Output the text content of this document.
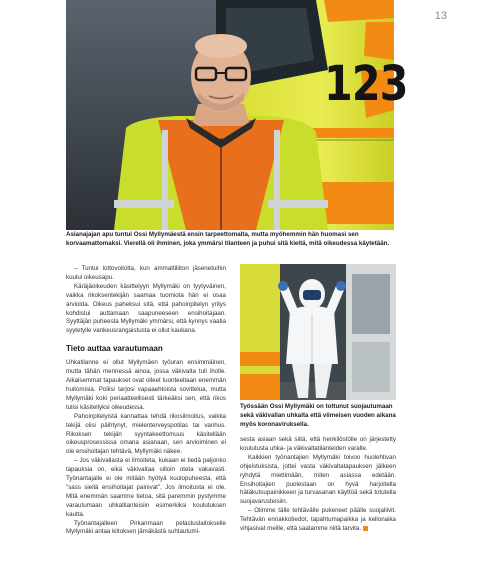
13
123
C112
Asianajajan apu tuntui Ossi Myllymäestä ensin tarpeettomalta, mutta myöhemmin hän huomasi sen korvaamattomaksi. Vierellä oli ihminen, joka ymmärsi tilanteen ja puhui sitä kieltä, mitä oikeudessa käytetään.

– Tuntui lottovoitolta, kun ammattiliiton jäsenetuihin kuului oikeusapu.

Käräjäoikeuden käsittelyyn Myllymäki on tyytyväinen, vaikka rikoksentekijän saamaa tuomiota hän ei osaa arvioida. Oikeus paheksui sitä, että pahoinpitelyn yritys kohdistui auttamaan saapuneeseen ensihoitajaan. Syyttäjän puheesta Myllymäki ymmärsi, että kynnys vaatia syytetylle vankeusrangaistusta ei ollut kaukana.

Tieto auttaa varautumaan

Uhkatilanne ei ollut Myllymäen työuran ensimmäinen, mutta tähän mennessä ainoa, jossa väkivalta tuli iholle. Aikaisemmat tapaukset ovat olleet luonteeltaan enemmän huitomisia. Poliisi tarjosi vapaaehtoista sovittelua, mutta Myllymäki koki periaatteellisesti tärkeäksi sen, että rikos tulisi käsitellyksi oikeudessa.

Pahoinpitelyistä kannattaa tehdä rikosilmoitus, vaikka tekijä olisi päihtynyt, mielenterveyspotilas tai vanhus. Rikoksen tekijän syyntakeettomuus käsitellään oikeusprosessissa omana asianaan, sen arvioiminen ei ole ensihoitajan tehtävä, Myllymäki näkee.

– Jos väkivallasta ei ilmoiteta, kukaan ei tiedä paljonko tapauksia on, eikä väkivaltaa silloin oteta vakavasti. Työnantajalle ei ole mitään hyötyä kuulopuheesta, että "sass siellä ensihoitajat painivat". Jos ilmoitusta ei ole. Mitä enemmän saamme tietoa, sitä paremmin pystymme varautumaan uhkatilanteisiin esimerkiksi koulutuksen kautta.

Työnantajalleen Pirkanmaan pelastuslaitokselle Myllymäki antaa kiitoksen jämäkästä suhtautumi-

Työssään Ossi Myllymäki on tottunut suojautumaan sekä väkivallan uhkalta että viimeisen vuoden aikana myös koronaviruksella.

sesta asiaan sekä siitä, että henkilöstölle on järjestetty koulutusta uhka- ja väkivaltatilanteiden varalle.

Kaikkien työnantajien Myllymäki toivoo huolehtivan ohjeistuksista, jottei vasta väkivaltatapauksen jälkeen ryhdytä miettimään, miten asiassa edetään. Ensihoitajien puolestaan on hyvä harjoitella hätäkutsupainikkeen ja turvasanan käyttöä sekä totutella suojavarusteisiin.

– Olimme tälle tehtävälle pukeneet päälle suojaliivit. Tehtävän ennakkotiedot, tapahtumapaikka ja kellonaika vihjasivat meille, että saatamme niitä tarvita.
